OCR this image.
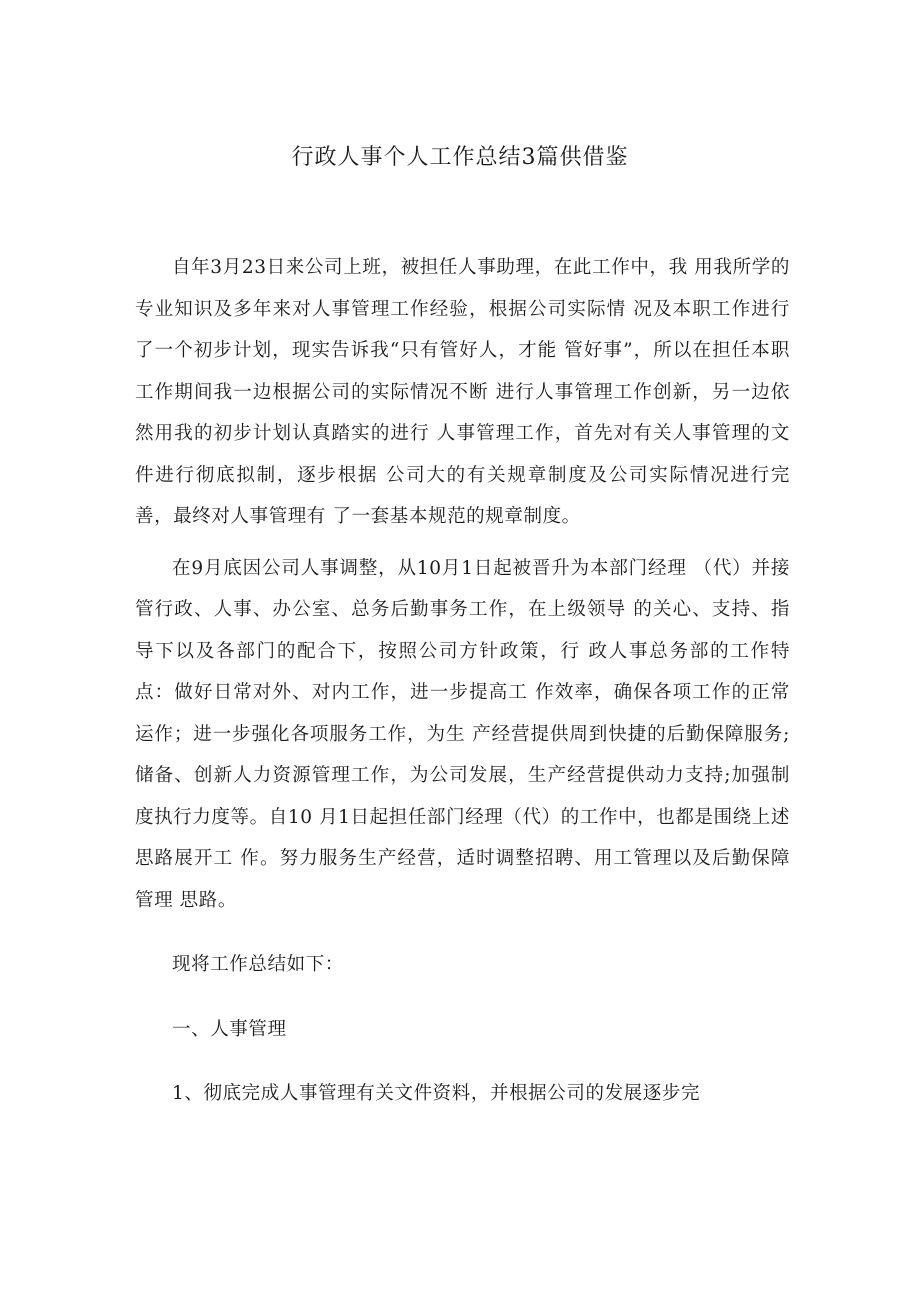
行政人事个人工作总结3篇供借鉴

自年3月23日来公司上班，被担任人事助理，在此工作中，我 用我所学的专业知识及多年来对人事管理工作经验，根据公司实际情 况及本职工作进行了一个初步计划，现实告诉我“只有管好人，才能 管好事”，所以在担任本职工作期间我一边根据公司的实际情况不断 进行人事管理工作创新，另一边依然用我的初步计划认真踏实的进行 人事管理工作，首先对有关人事管理的文件进行彻底拟制，逐步根据 公司大的有关规章制度及公司实际情况进行完善，最终对人事管理有 了一套基本规范的规章制度。

在9月底因公司人事调整，从10月1日起被晋升为本部门经理 （代）并接管行政、人事、办公室、总务后勤事务工作，在上级领导 的关心、支持、指导下以及各部门的配合下，按照公司方针政策，行 政人事总务部的工作特点：做好日常对外、对内工作，进一步提高工 作效率，确保各项工作的正常运作；进一步强化各项服务工作，为生 产经营提供周到快捷的后勤保障服务;储备、创新人力资源管理工作，为公司发展，生产经营提供动力支持;加强制度执行力度等。自10 月1日起担任部门经理（代）的工作中，也都是围绕上述思路展开工 作。努力服务生产经营，适时调整招聘、用工管理以及后勤保障管理 思路。

现将工作总结如下：

一、人事管理

1、彻底完成人事管理有关文件资料，并根据公司的发展逐步完
